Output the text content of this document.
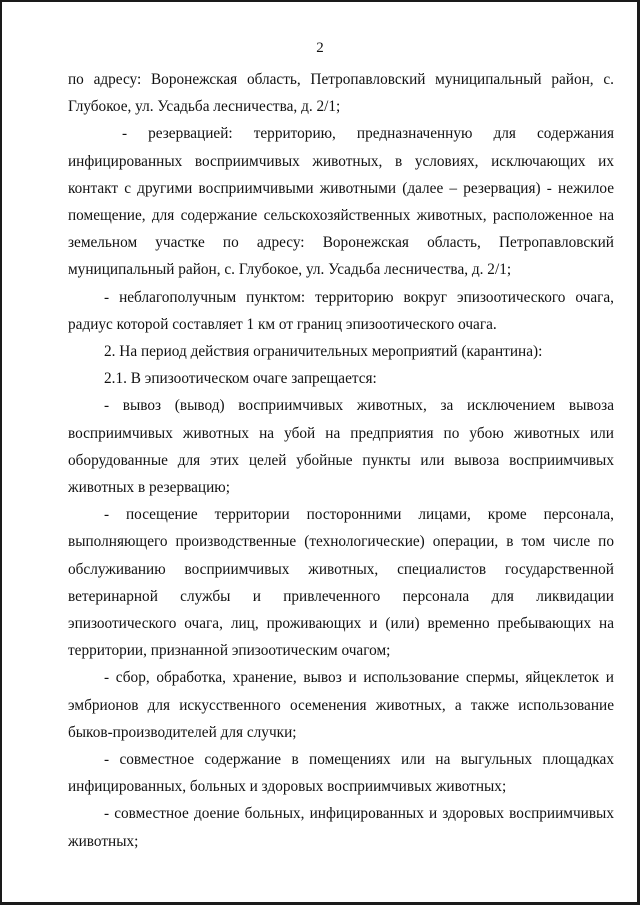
2

по адресу: Воронежская область, Петропавловский муниципальный район, с. Глубокое, ул. Усадьба лесничества, д. 2/1;

- резервацией: территорию, предназначенную для содержания инфицированных восприимчивых животных, в условиях, исключающих их контакт с другими восприимчивыми животными (далее – резервация) - нежилое помещение, для содержание сельскохозяйственных животных, расположенное на земельном участке по адресу: Воронежская область, Петропавловский муниципальный район, с. Глубокое, ул. Усадьба лесничества, д. 2/1;

- неблагополучным пунктом: территорию вокруг эпизоотического очага, радиус которой составляет 1 км от границ эпизоотического очага.

2. На период действия ограничительных мероприятий (карантина):

2.1. В эпизоотическом очаге запрещается:

- вывоз (вывод) восприимчивых животных, за исключением вывоза восприимчивых животных на убой на предприятия по убою животных или оборудованные для этих целей убойные пункты или вывоза восприимчивых животных в резервацию;

- посещение территории посторонними лицами, кроме персонала, выполняющего производственные (технологические) операции, в том числе по обслуживанию восприимчивых животных, специалистов государственной ветеринарной службы и привлеченного персонала для ликвидации эпизоотического очага, лиц, проживающих и (или) временно пребывающих на территории, признанной эпизоотическим очагом;

- сбор, обработка, хранение, вывоз и использование спермы, яйцеклеток и эмбрионов для искусственного осеменения животных, а также использование быков-производителей для случки;

- совместное содержание в помещениях или на выгульных площадках инфицированных, больных и здоровых восприимчивых животных;

- совместное доение больных, инфицированных и здоровых восприимчивых животных;
